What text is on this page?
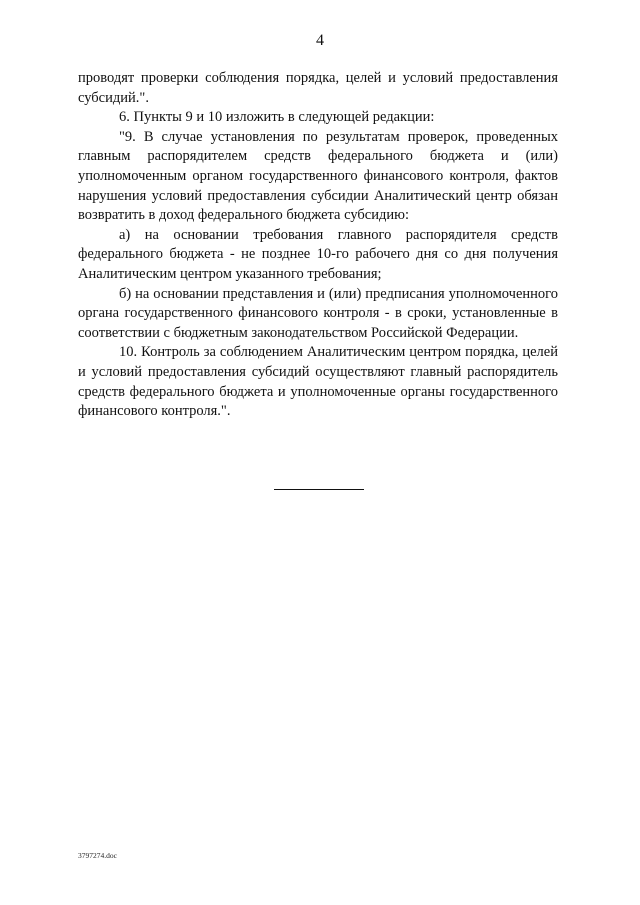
4

проводят проверки соблюдения порядка, целей и условий предоставления субсидий.".

6. Пункты 9 и 10 изложить в следующей редакции:

"9. В случае установления по результатам проверок, проведенных главным распорядителем средств федерального бюджета и (или) уполномоченным органом государственного финансового контроля, фактов нарушения условий предоставления субсидии Аналитический центр обязан возвратить в доход федерального бюджета субсидию:

а) на основании требования главного распорядителя средств федерального бюджета - не позднее 10-го рабочего дня со дня получения Аналитическим центром указанного требования;

б) на основании представления и (или) предписания уполномоченного органа государственного финансового контроля - в сроки, установленные в соответствии с бюджетным законодательством Российской Федерации.

10. Контроль за соблюдением Аналитическим центром порядка, целей и условий предоставления субсидий осуществляют главный распорядитель средств федерального бюджета и уполномоченные органы государственного финансового контроля.".

3797274.doc
